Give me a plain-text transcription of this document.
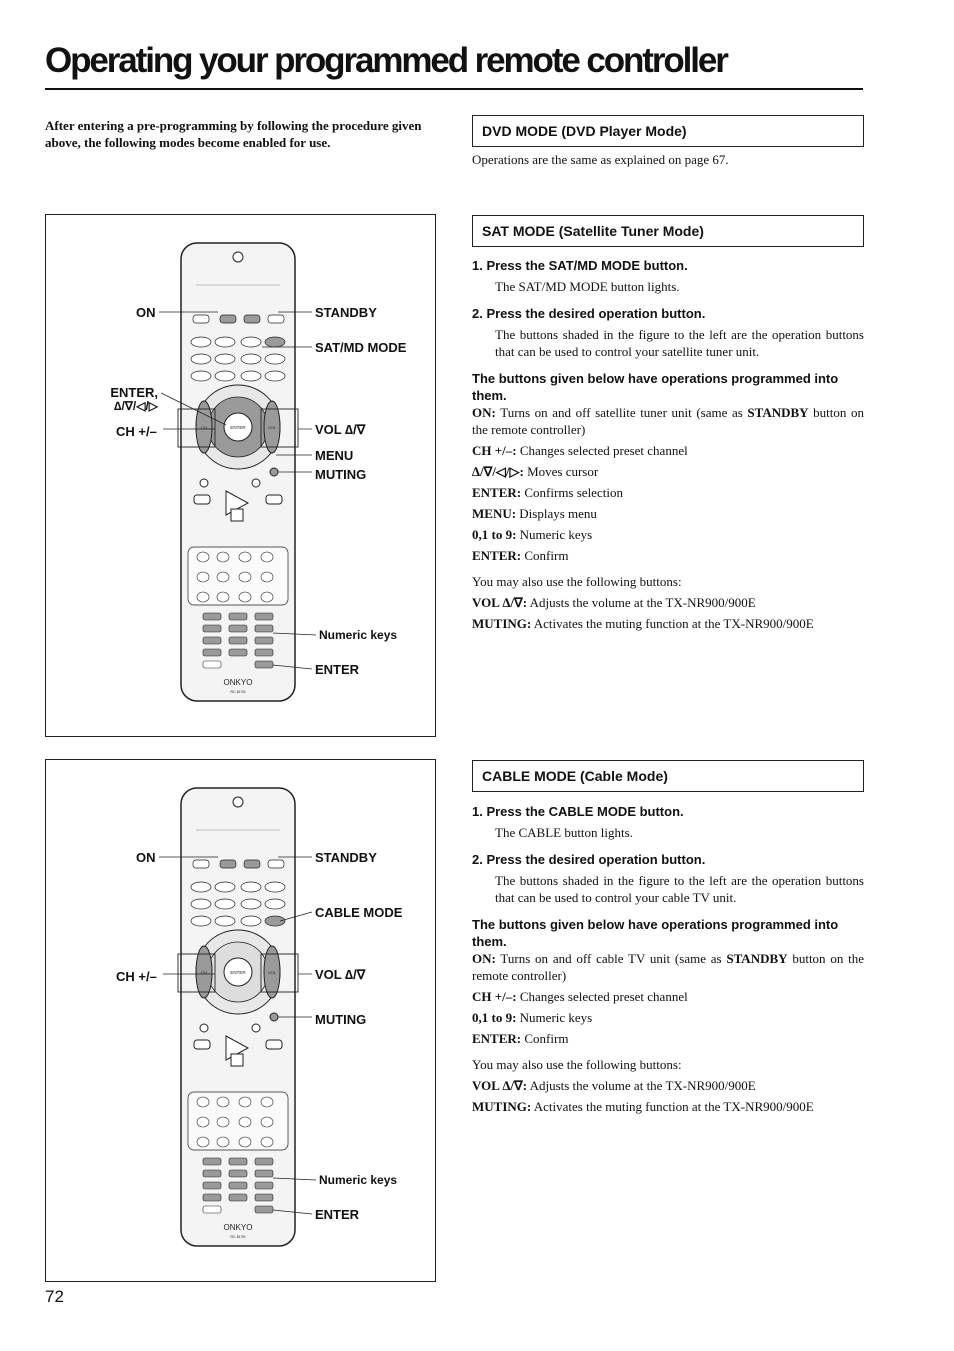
Operating your programmed remote controller
After entering a pre-programming by following the procedure given above, the following modes become enabled for use.
DVD MODE (DVD Player Mode)
Operations are the same as explained on page 67.
SAT MODE (Satellite Tuner Mode)
1. Press the SAT/MD MODE button.
The SAT/MD MODE button lights.
2. Press the desired operation button.
The buttons shaded in the figure to the left are the operation buttons that can be used to control your satellite tuner unit.
The buttons given below have operations programmed into them.
ON: Turns on and off satellite tuner unit (same as STANDBY button on the remote controller)
CH +/–: Changes selected preset channel
∆/∇/◁/▷: Moves cursor
ENTER: Confirms selection
MENU: Displays menu
0,1 to 9: Numeric keys
ENTER: Confirm
You may also use the following buttons:
VOL ∆/∇: Adjusts the volume at the TX-NR900/900E
MUTING: Activates the muting function at the TX-NR900/900E
CABLE MODE (Cable Mode)
1. Press the CABLE MODE button.
The CABLE button lights.
2. Press the desired operation button.
The buttons shaded in the figure to the left are the operation buttons that can be used to control your cable TV unit.
The buttons given below have operations programmed into them.
ON: Turns on and off cable TV unit (same as STANDBY button on the remote controller)
CH +/–: Changes selected preset channel
0,1 to 9: Numeric keys
ENTER: Confirm
You may also use the following buttons:
VOL ∆/∇: Adjusts the volume at the TX-NR900/900E
MUTING: Activates the muting function at the TX-NR900/900E
ENTER
CH	VOL
ONKYO
RC-517M
ON
ENTER,
∆/∇/◁/▷
CH +/–
STANDBY
SAT/MD MODE
VOL ∆/∇
MENU
MUTING
Numeric keys
ENTER
ENTER
CH	VOL
ONKYO
RC-517M
ON
CH +/–
STANDBY
CABLE MODE
VOL ∆/∇
MUTING
Numeric keys
ENTER
72
